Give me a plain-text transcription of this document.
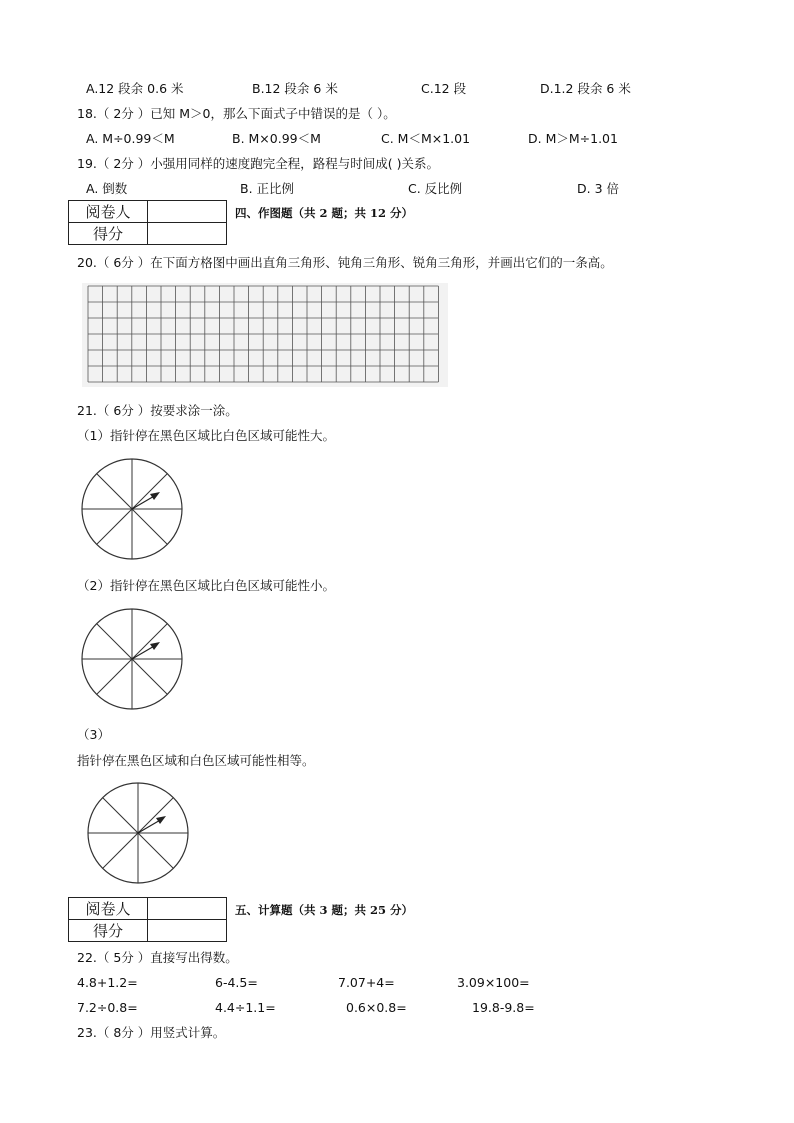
A.12 段余 0.6 米	B.12 段余 6 米	C.12 段	D.1.2 段余 6 米
18.（ 2分 ）已知 M＞0，那么下面式子中错误的是（ ）。
A. M÷0.99＜M	B. M×0.99＜M	C. M＜M×1.01	D. M＞M÷1.01
19.（ 2分 ）小强用同样的速度跑完全程，路程与时间成( )关系。
A. 倒数	B. 正比例	C. 反比例	D. 3 倍
阅卷人	
得分	
四、作图题（共 2 题；共 12 分）
20.（ 6分 ）在下面方格图中画出直角三角形、钝角三角形、锐角三角形，并画出它们的一条高。
21.（ 6分 ）按要求涂一涂。
（1）指针停在黑色区域比白色区域可能性大。
（2）指针停在黑色区域比白色区域可能性小。
（3）
指针停在黑色区域和白色区域可能性相等。
阅卷人	
得分	
五、计算题（共 3 题；共 25 分）
22.（ 5分 ）直接写出得数。
4.8+1.2=	6-4.5=	7.07+4=	3.09×100=
7.2÷0.8=	4.4÷1.1=	0.6×0.8=	19.8-9.8=
23.（ 8分 ）用竖式计算。
